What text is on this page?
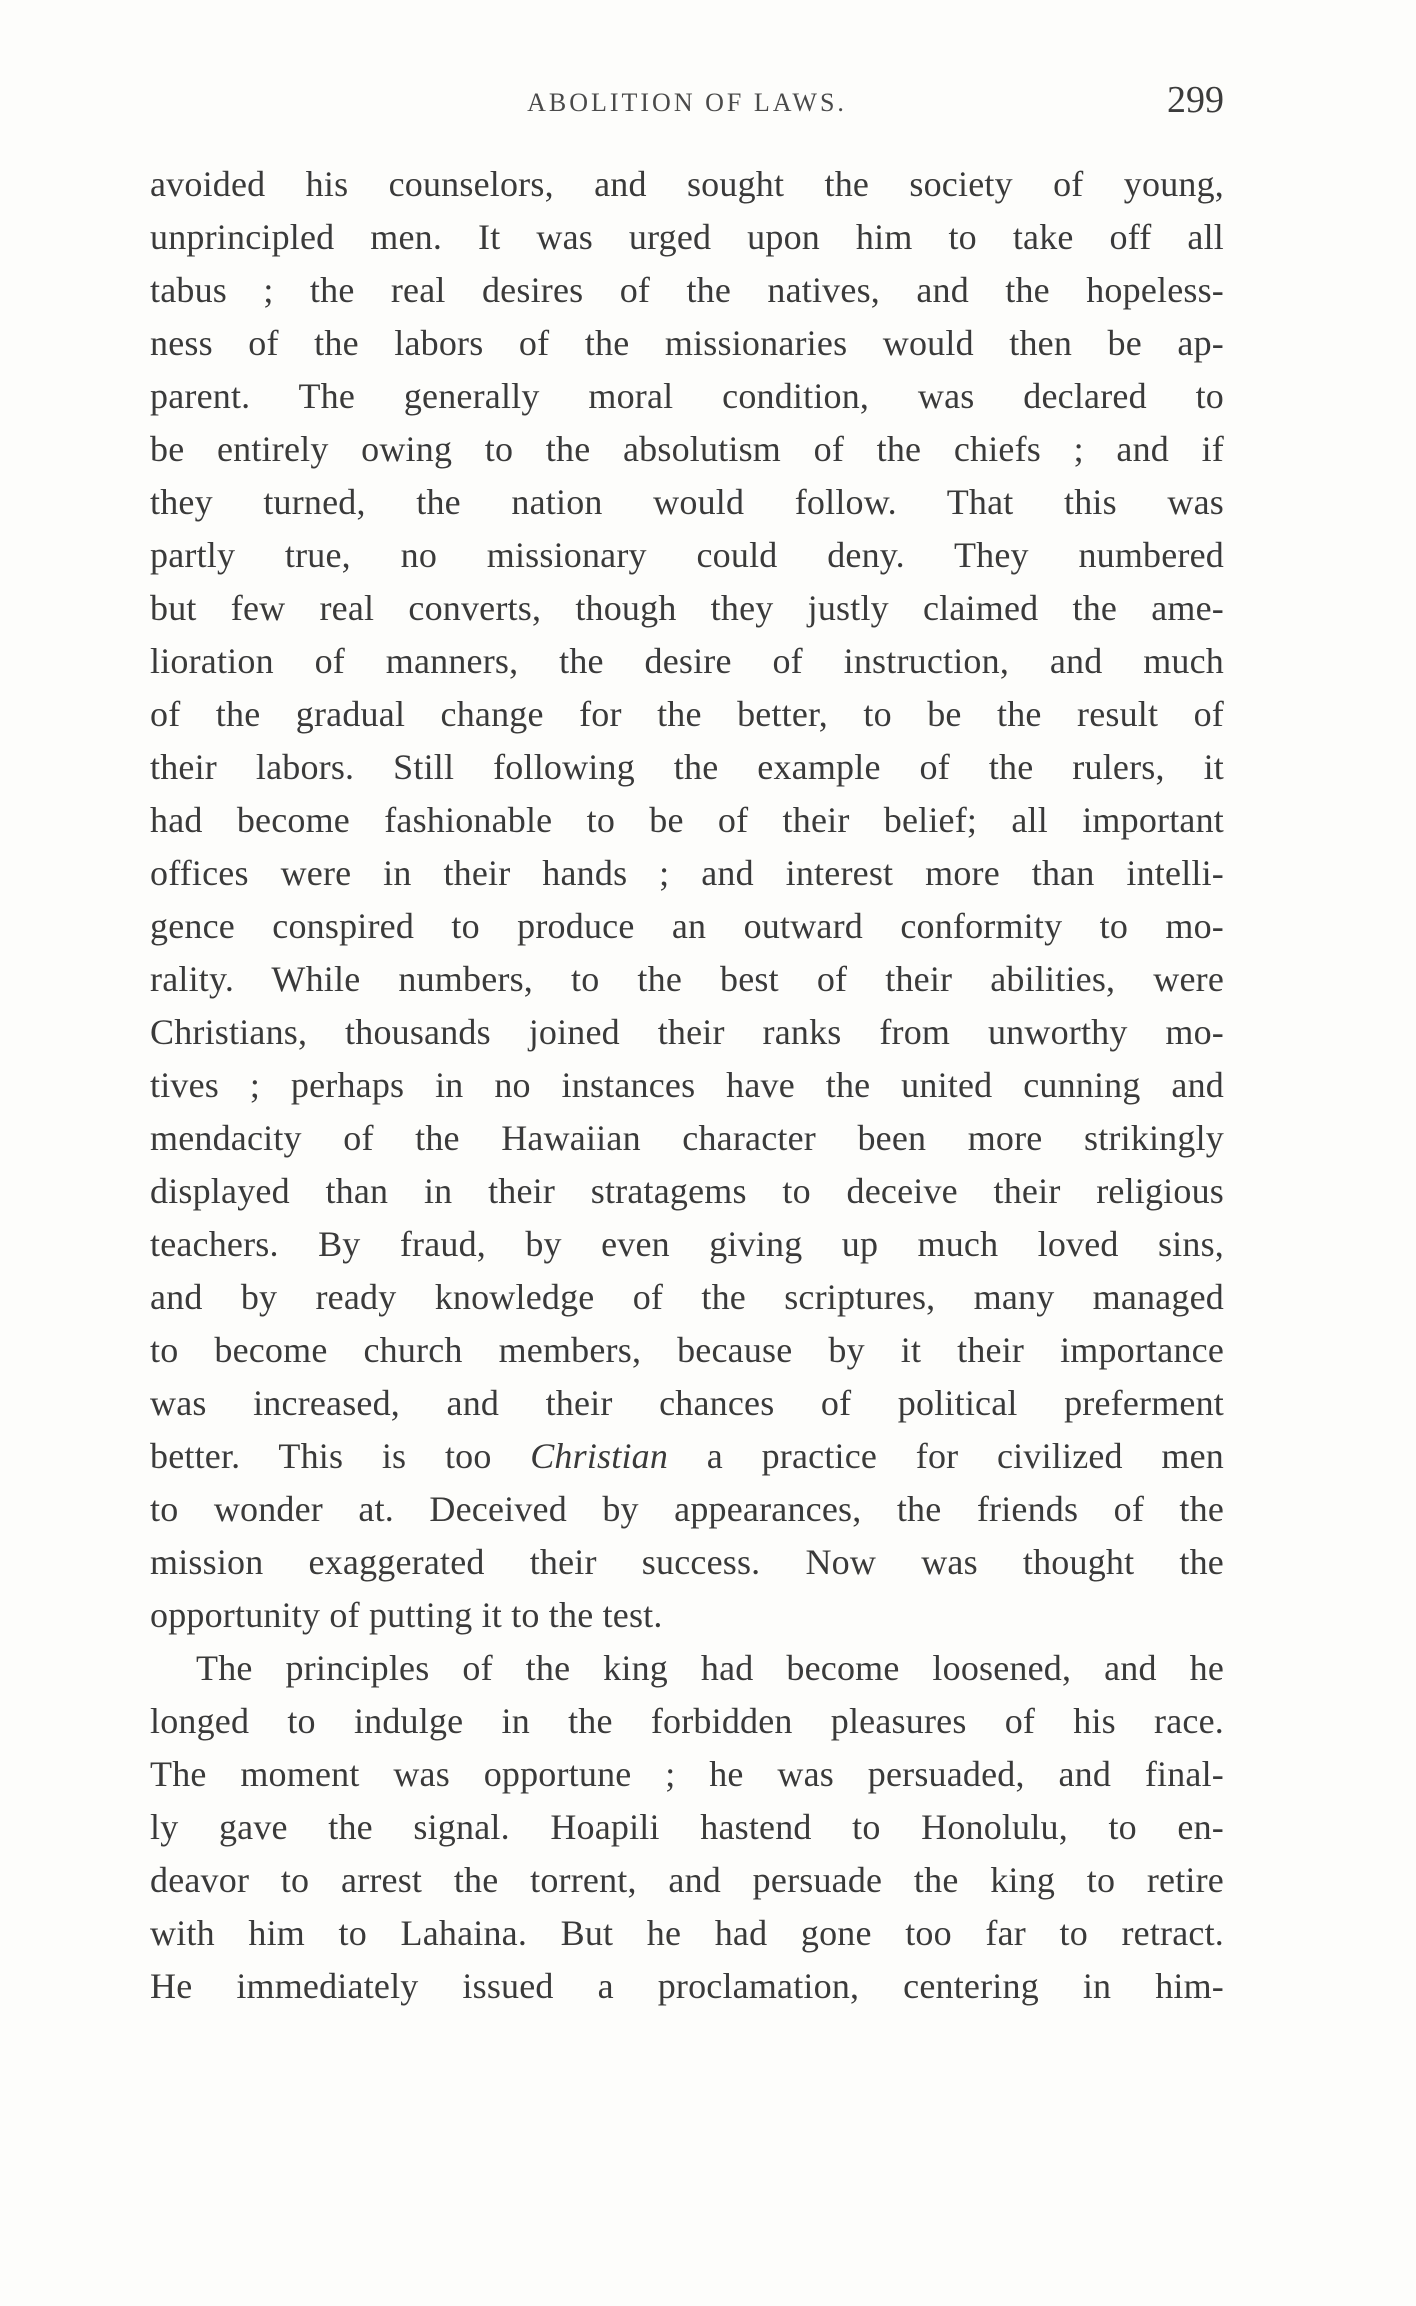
ABOLITION OF LAWS.	299
avoided his counselors, and sought the society of young,
unprincipled men. It was urged upon him to take off all
tabus ; the real desires of the natives, and the hopeless-
ness of the labors of the missionaries would then be ap-
parent. The generally moral condition, was declared to
be entirely owing to the absolutism of the chiefs ; and if
they turned, the nation would follow. That this was
partly true, no missionary could deny. They numbered
but few real converts, though they justly claimed the ame-
lioration of manners, the desire of instruction, and much
of the gradual change for the better, to be the result of
their labors. Still following the example of the rulers, it
had become fashionable to be of their belief; all important
offices were in their hands ; and interest more than intelli-
gence conspired to produce an outward conformity to mo-
rality. While numbers, to the best of their abilities, were
Christians, thousands joined their ranks from unworthy mo-
tives ; perhaps in no instances have the united cunning and
mendacity of the Hawaiian character been more strikingly
displayed than in their stratagems to deceive their religious
teachers. By fraud, by even giving up much loved sins,
and by ready knowledge of the scriptures, many managed
to become church members, because by it their importance
was increased, and their chances of political preferment
better. This is too Christian a practice for civilized men
to wonder at. Deceived by appearances, the friends of the
mission exaggerated their success. Now was thought the
opportunity of putting it to the test.
The principles of the king had become loosened, and he
longed to indulge in the forbidden pleasures of his race.
The moment was opportune ; he was persuaded, and final-
ly gave the signal. Hoapili hastend to Honolulu, to en-
deavor to arrest the torrent, and persuade the king to retire
with him to Lahaina. But he had gone too far to retract.
He immediately issued a proclamation, centering in him-
